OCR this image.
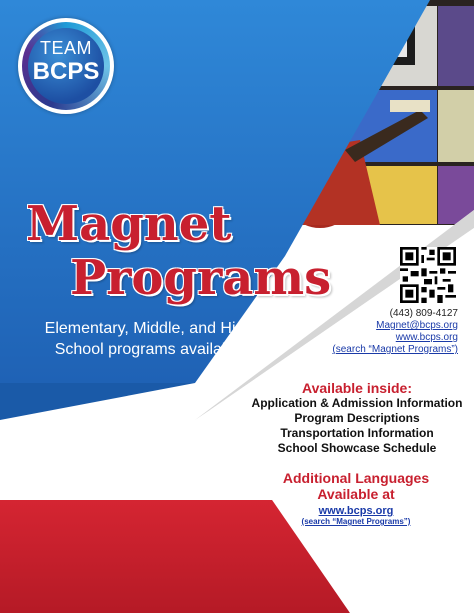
TEAM
BCPS
Magnet
Programs
Elementary, Middle, and High School programs available
(443) 809-4127
Magnet@bcps.org
www.bcps.org
(search “Magnet Programs”)
Available inside:
Application & Admission Information
Program Descriptions
Transportation Information
School Showcase Schedule
Additional Languages
Available at
www.bcps.org
(search “Magnet Programs”)
